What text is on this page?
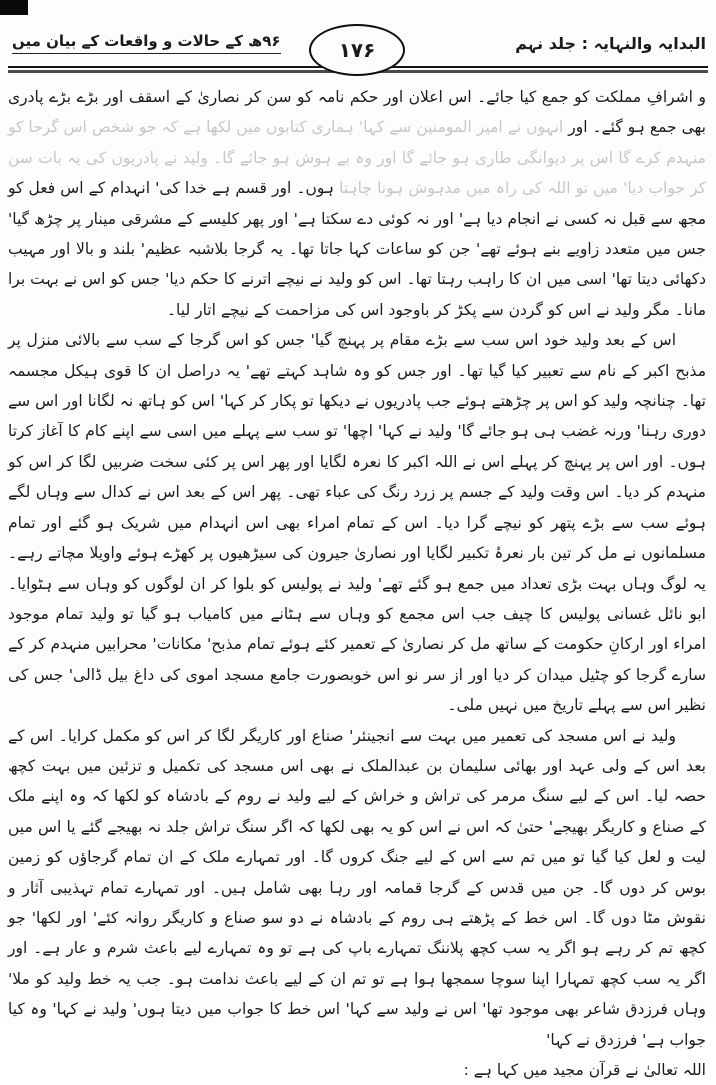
البدایہ والنہایہ : جلد نہم
۹۶ھ کے حالات و واقعات کے بیان میں	۱۷۶

و اشرافِ مملکت کو جمع کیا جائے۔ اس اعلان اور حکم نامہ کو سن کر نصاریٰ کے اسقف اور بڑے بڑے پادری بھی جمع ہو گئے۔ اور انہوں نے امیر المومنین سے کہا' ہماری کتابوں میں لکھا ہے کہ جو شخص اس گرجا کو منہدم کرے گا اس پر دیوانگی طاری ہو جائے گا اور وہ بے ہوش ہو جائے گا۔ ولید نے پادریوں کی یہ بات سن کر جواب دیا' میں تو اللہ کی راہ میں مدہوش ہونا چاہتا ہوں۔ اور قسم ہے خدا کی' انہدام کے اس فعل کو مجھ سے قبل نہ کسی نے انجام دیا ہے' اور نہ کوئی دے سکتا ہے' اور پھر کلیسے کے مشرقی مینار پر چڑھ گیا' جس میں متعدد زاویے بنے ہوئے تھے' جن کو ساعات کہا جاتا تھا۔ یہ گرجا بلاشبہ عظیم' بلند و بالا اور مہیب دکھائی دیتا تھا' اسی میں ان کا راہب رہتا تھا۔ اس کو ولید نے نیچے اترنے کا حکم دیا' جس کو اس نے بہت برا مانا۔ مگر ولید نے اس کو گردن سے پکڑ کر باوجود اس کی مزاحمت کے نیچے اتار لیا۔

اس کے بعد ولید خود اس سب سے بڑے مقام پر پہنچ گیا' جس کو اس گرجا کے سب سے بالائی منزل پر مذبح اکبر کے نام سے تعبیر کیا گیا تھا۔ اور جس کو وہ شاہد کہتے تھے' یہ دراصل ان کا قوی ہیکل مجسمہ تھا۔ چنانچہ ولید کو اس پر چڑھتے ہوئے جب پادریوں نے دیکھا تو پکار کر کہا' اس کو ہاتھ نہ لگانا اور اس سے دوری رہنا' ورنہ غضب ہی ہو جائے گا' ولید نے کہا' اچھا' تو سب سے پہلے میں اسی سے اپنے کام کا آغاز کرتا ہوں۔ اور اس پر پہنچ کر پہلے اس نے اللہ اکبر کا نعرہ لگایا اور پھر اس پر کئی سخت ضربیں لگا کر اس کو منہدم کر دیا۔ اس وقت ولید کے جسم پر زرد رنگ کی عباء تھی۔ پھر اس کے بعد اس نے کدال سے وہاں لگے ہوئے سب سے بڑے پتھر کو نیچے گرا دیا۔ اس کے تمام امراء بھی اس انہدام میں شریک ہو گئے اور تمام مسلمانوں نے مل کر تین بار نعرۂ تکبیر لگایا اور نصاریٰ جیرون کی سیڑھیوں پر کھڑے ہوئے واویلا مچاتے رہے۔ یہ لوگ وہاں بہت بڑی تعداد میں جمع ہو گئے تھے' ولید نے پولیس کو بلوا کر ان لوگوں کو وہاں سے ہٹوایا۔ ابو نائل غسانی پولیس کا چیف جب اس مجمع کو وہاں سے ہٹانے میں کامیاب ہو گیا تو ولید تمام موجود امراء اور ارکانِ حکومت کے ساتھ مل کر نصاریٰ کے تعمیر کئے ہوئے تمام مذبح' مکانات' محرابیں منہدم کر کے سارے گرجا کو چٹیل میدان کر دیا اور از سر نو اس خوبصورت جامع مسجد اموی کی داغ بیل ڈالی' جس کی نظیر اس سے پہلے تاریخ میں نہیں ملی۔

ولید نے اس مسجد کی تعمیر میں بہت سے انجینئر' صناع اور کاریگر لگا کر اس کو مکمل کرایا۔ اس کے بعد اس کے ولی عہد اور بھائی سلیمان بن عبدالملک نے بھی اس مسجد کی تکمیل و تزئین میں بہت کچھ حصہ لیا۔ اس کے لیے سنگ مرمر کی تراش و خراش کے لیے ولید نے روم کے بادشاہ کو لکھا کہ وہ اپنے ملک کے صناع و کاریگر بھیجے' حتیٰ کہ اس نے اس کو یہ بھی لکھا کہ اگر سنگ تراش جلد نہ بھیجے گئے یا اس میں لیت و لعل کیا گیا تو میں تم سے اس کے لیے جنگ کروں گا۔ اور تمہارے ملک کے ان تمام گرجاؤں کو زمین بوس کر دوں گا۔ جن میں قدس کے گرجا قمامہ اور رہا بھی شامل ہیں۔ اور تمہارے تمام تہذیبی آثار و نقوش مٹا دوں گا۔ اس خط کے پڑھتے ہی روم کے بادشاہ نے دو سو صناع و کاریگر روانہ کئے' اور لکھا' جو کچھ تم کر رہے ہو اگر یہ سب کچھ پلاننگ تمہارے باپ کی ہے تو وہ تمہارے لیے باعث شرم و عار ہے۔ اور اگر یہ سب کچھ تمہارا اپنا سوچا سمجھا ہوا ہے تو تم ان کے لیے باعث ندامت ہو۔ جب یہ خط ولید کو ملا' وہاں فرزدق شاعر بھی موجود تھا' اس نے ولید سے کہا' اس خط کا جواب میں دیتا ہوں' ولید نے کہا' وہ کیا جواب ہے' فرزدق نے کہا'

اللہ تعالیٰ نے قرآن مجید میں کہا ہے :
